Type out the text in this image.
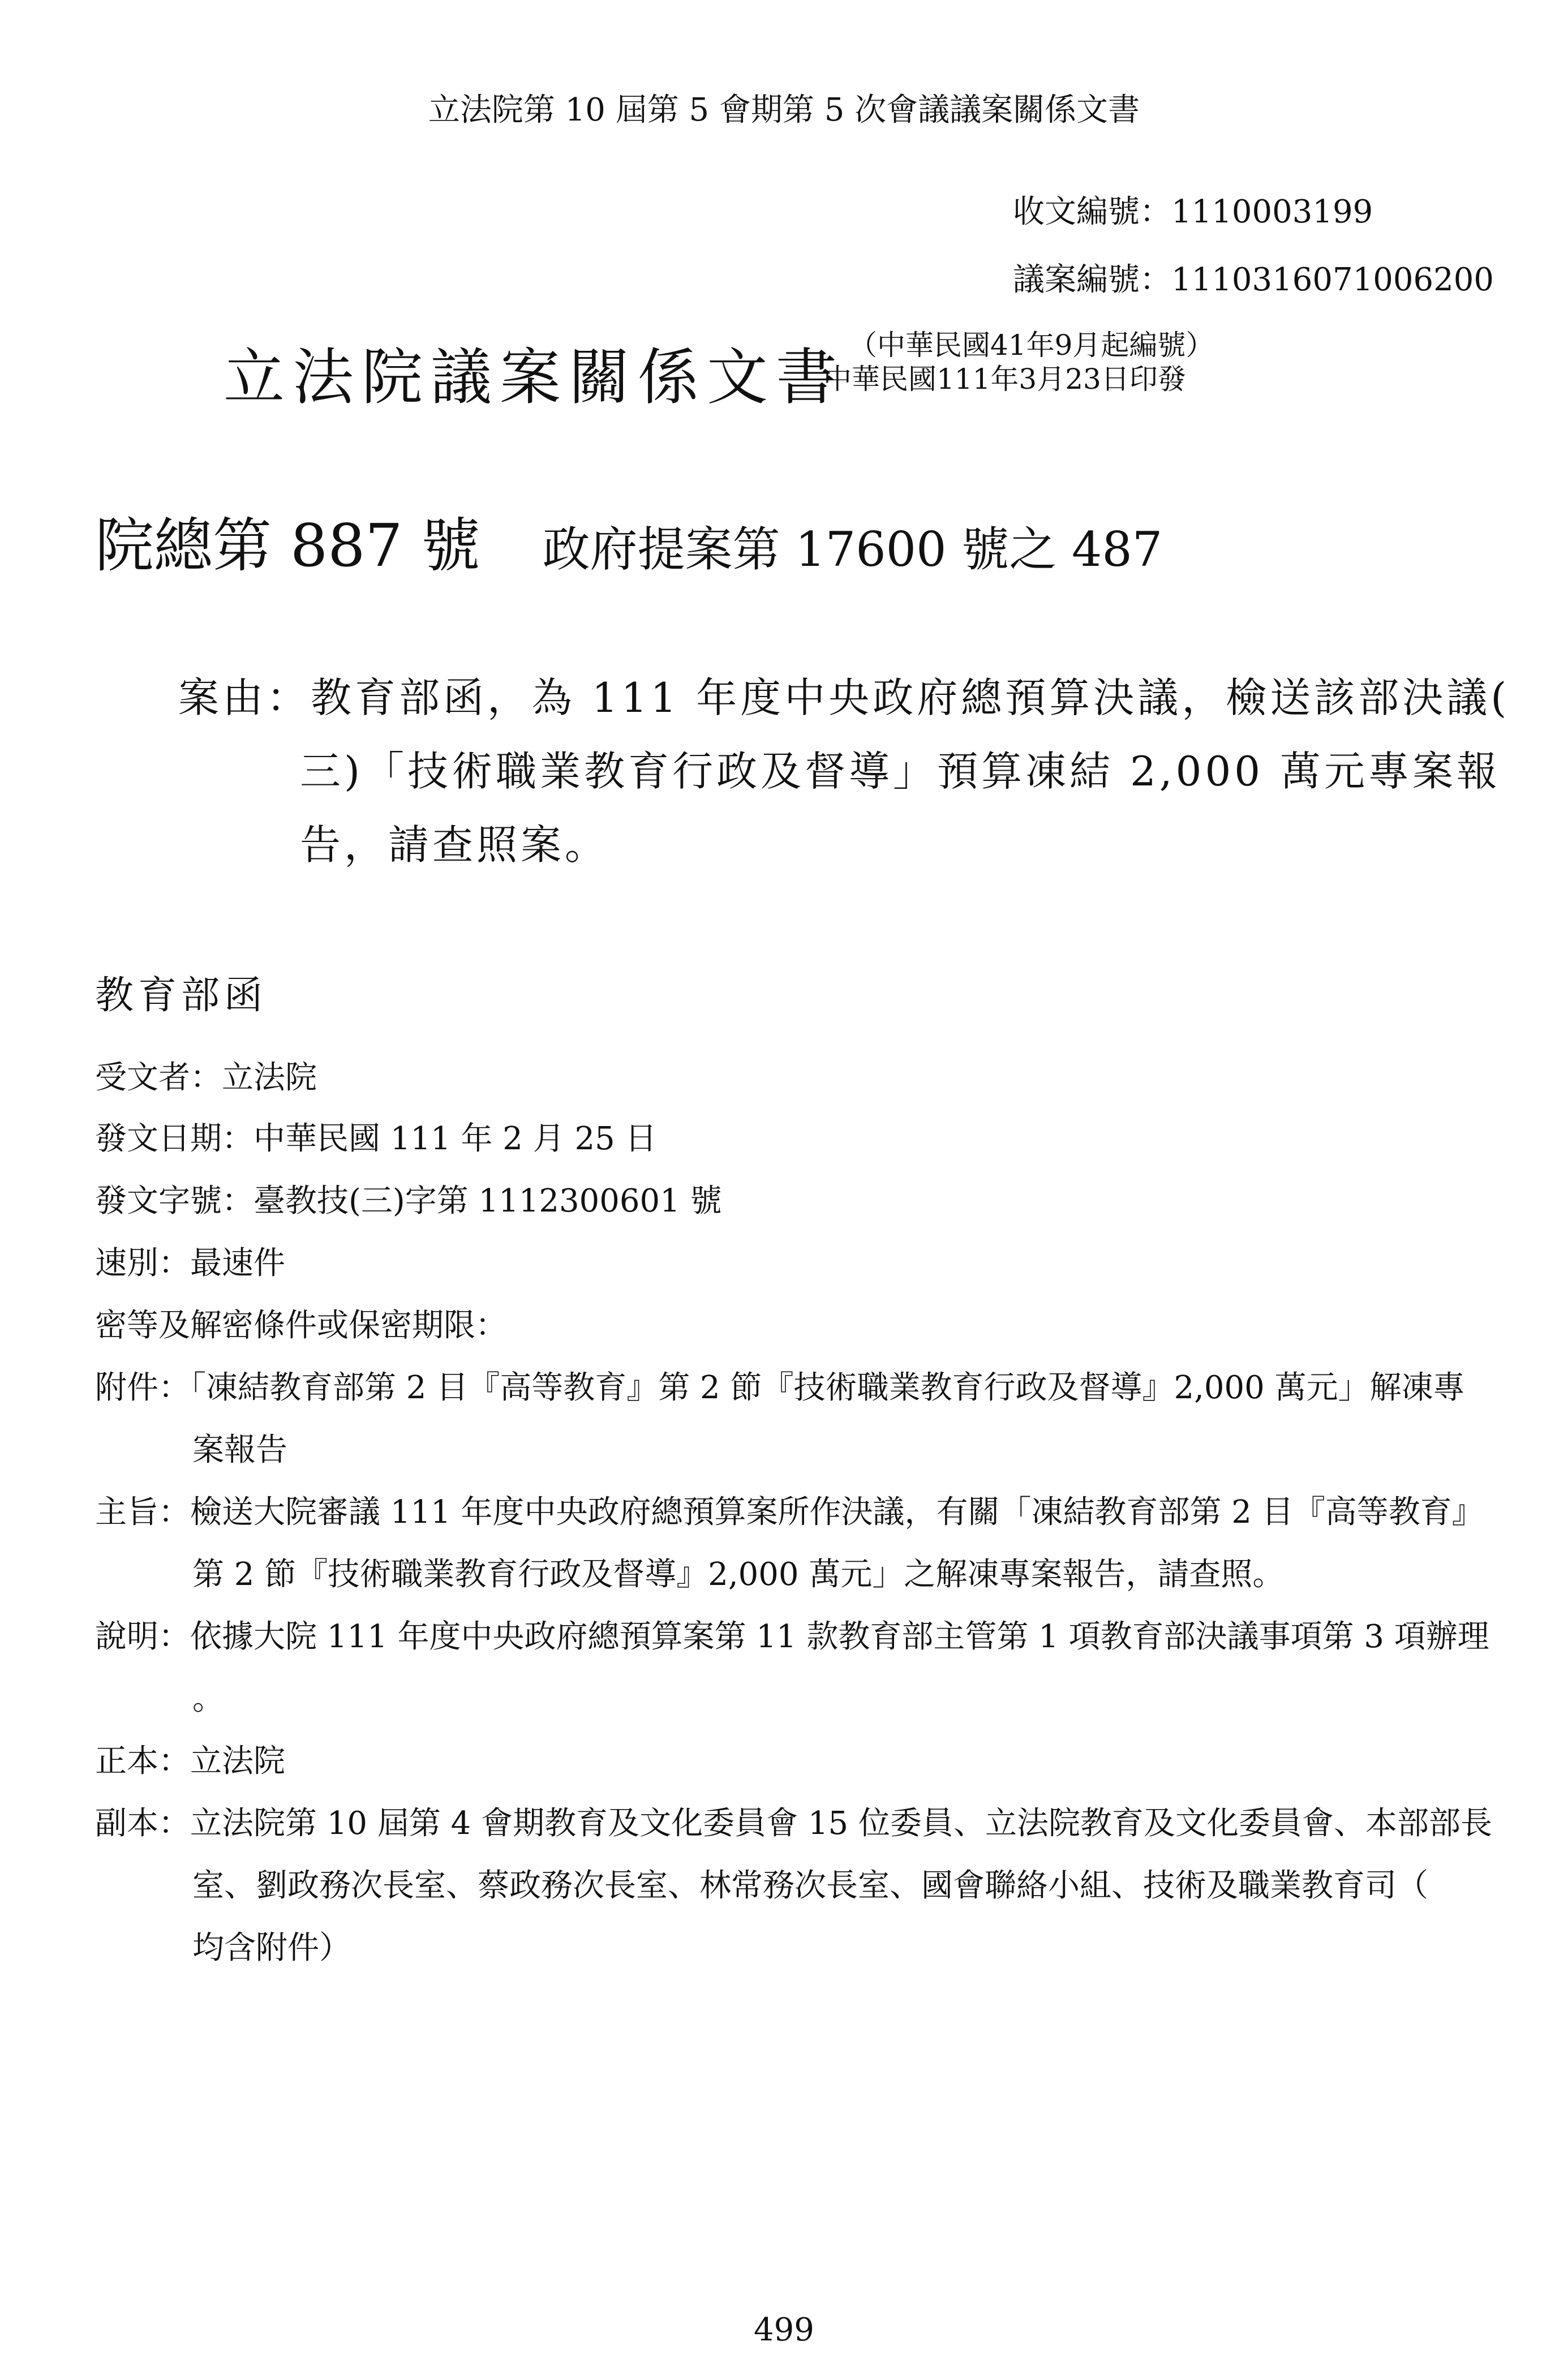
立法院第 10 屆第 5 會期第 5 次會議議案關係文書
收文編號：1110003199
議案編號：1110316071006200
立法院議案關係文書 （中華民國41年9月起編號）
中華民國111年3月23日印發
院總第 887 號 政府提案第 17600 號之 487
案由：教育部函，為 111 年度中央政府總預算決議，檢送該部決議(
三)「技術職業教育行政及督導」預算凍結 2,000 萬元專案報
告，請查照案。
教育部函
受文者：立法院
發文日期：中華民國 111 年 2 月 25 日
發文字號：臺教技(三)字第 1112300601 號
速別：最速件
密等及解密條件或保密期限：
附件：「凍結教育部第 2 目『高等教育』第 2 節『技術職業教育行政及督導』2,000 萬元」解凍專
案報告
主旨：檢送大院審議 111 年度中央政府總預算案所作決議，有關「凍結教育部第 2 目『高等教育』
第 2 節『技術職業教育行政及督導』2,000 萬元」之解凍專案報告，請查照。
說明：依據大院 111 年度中央政府總預算案第 11 款教育部主管第 1 項教育部決議事項第 3 項辦理
。
正本：立法院
副本：立法院第 10 屆第 4 會期教育及文化委員會 15 位委員、立法院教育及文化委員會、本部部長
室、劉政務次長室、蔡政務次長室、林常務次長室、國會聯絡小組、技術及職業教育司（
均含附件）
499
